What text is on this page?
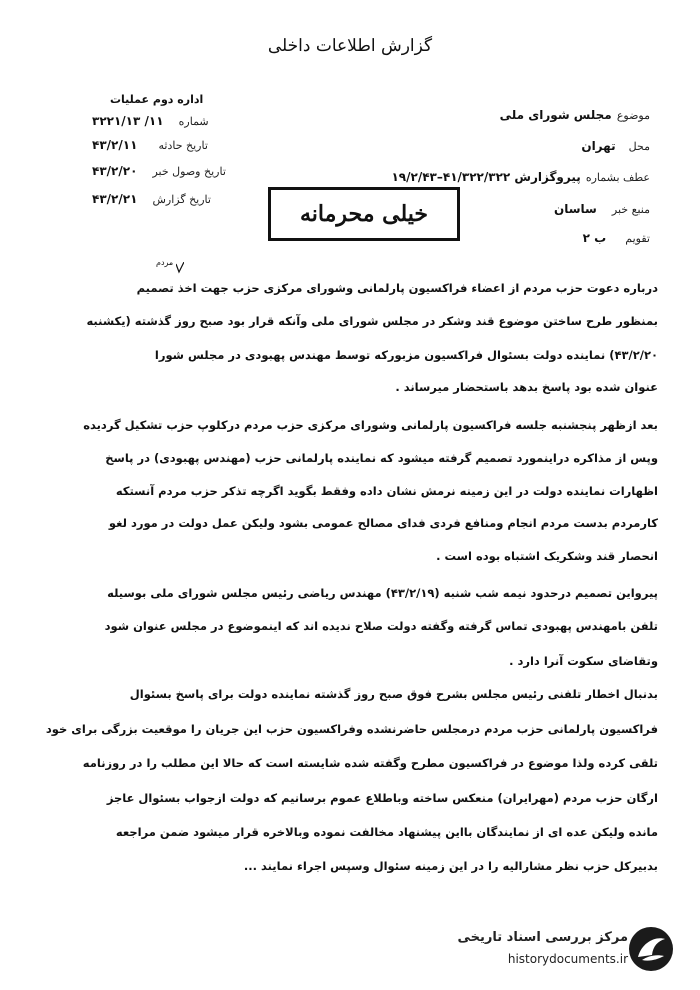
گزارش اطلاعات داخلی
موضوع مجلس شورای ملی
محل تهران
عطف بشماره پیروگزارش ۴۱/۳۲۲/۳۲۲–۱۹/۲/۴۳
منبع خبر ساسان
تقویم ب ۲
اداره دوم عملیات
شماره ۳۲۲۱/۱۳ /۱۱
تاریخ حادثه ۴۳/۲/۱۱
تاریخ وصول خبر ۴۳/۲/۲۰
تاریخ گزارش ۴۳/۲/۲۱
خیلی محرمانه
مردم
درباره دعوت حزب مردم از اعضاء فراکسیون پارلمانی وشورای مرکزی حزب جهت اخذ تصمیم
بمنظور طرح ساختن موضوع قند وشکر در مجلس شورای ملی وآنکه قرار بود صبح روز گذشته (یکشنبه
۴۳/۲/۲۰) نماینده دولت بسئوال فراکسیون مزبورکه توسط مهندس پهبودی در مجلس شورا
عنوان شده بود پاسخ بدهد باستحضار میرساند .
بعد ازظهر پنجشنبه جلسه فراکسیون پارلمانی وشورای مرکزی حزب مردم درکلوپ حزب تشکیل گردیده
وپس از مذاکره دراینمورد تصمیم گرفته میشود که نماینده پارلمانی حزب (مهندس پهبودی) در پاسخ
اظهارات نماینده دولت در این زمینه نرمش نشان داده وفقط بگوید اگرچه تذکر حزب مردم آنستکه
کارمردم بدست مردم انجام ومنافع فردی فدای مصالح عمومی بشود ولیکن عمل دولت در مورد لغو
انحصار قند وشکریک اشتباه بوده است .
پیرواین تصمیم درحدود نیمه شب شنبه (۴۳/۲/۱۹) مهندس ریاضی رئیس مجلس شورای ملی بوسیله
تلفن بامهندس پهبودی تماس گرفته وگفته دولت صلاح ندیده اند که اینموضوع در مجلس عنوان شود
وتقاضای سکوت آنرا دارد .
بدنبال اخطار تلفنی رئیس مجلس بشرح فوق صبح روز گذشته نماینده دولت برای پاسخ بسئوال
فراکسیون پارلمانی حزب مردم درمجلس حاضرنشده وفراکسیون حزب این جریان را موقعیت بزرگی برای خود
تلقی کرده ولذا موضوع در فراکسیون مطرح وگفته شده شایسته است که حالا این مطلب را در روزنامه
ارگان حزب مردم (مهرایران) منعکس ساخته وباطلاع عموم برسانیم که دولت ازجواب بسئوال عاجز
مانده ولیکن عده ای از نمایندگان بااین پیشنهاد مخالفت نموده وبالاخره قرار میشود ضمن مراجعه
بدبیرکل حزب نظر مشارالیه را در این زمینه سئوال وسپس اجراء نمایند ...
مرکز بررسی اسناد تاریخی
historydocuments.ir
